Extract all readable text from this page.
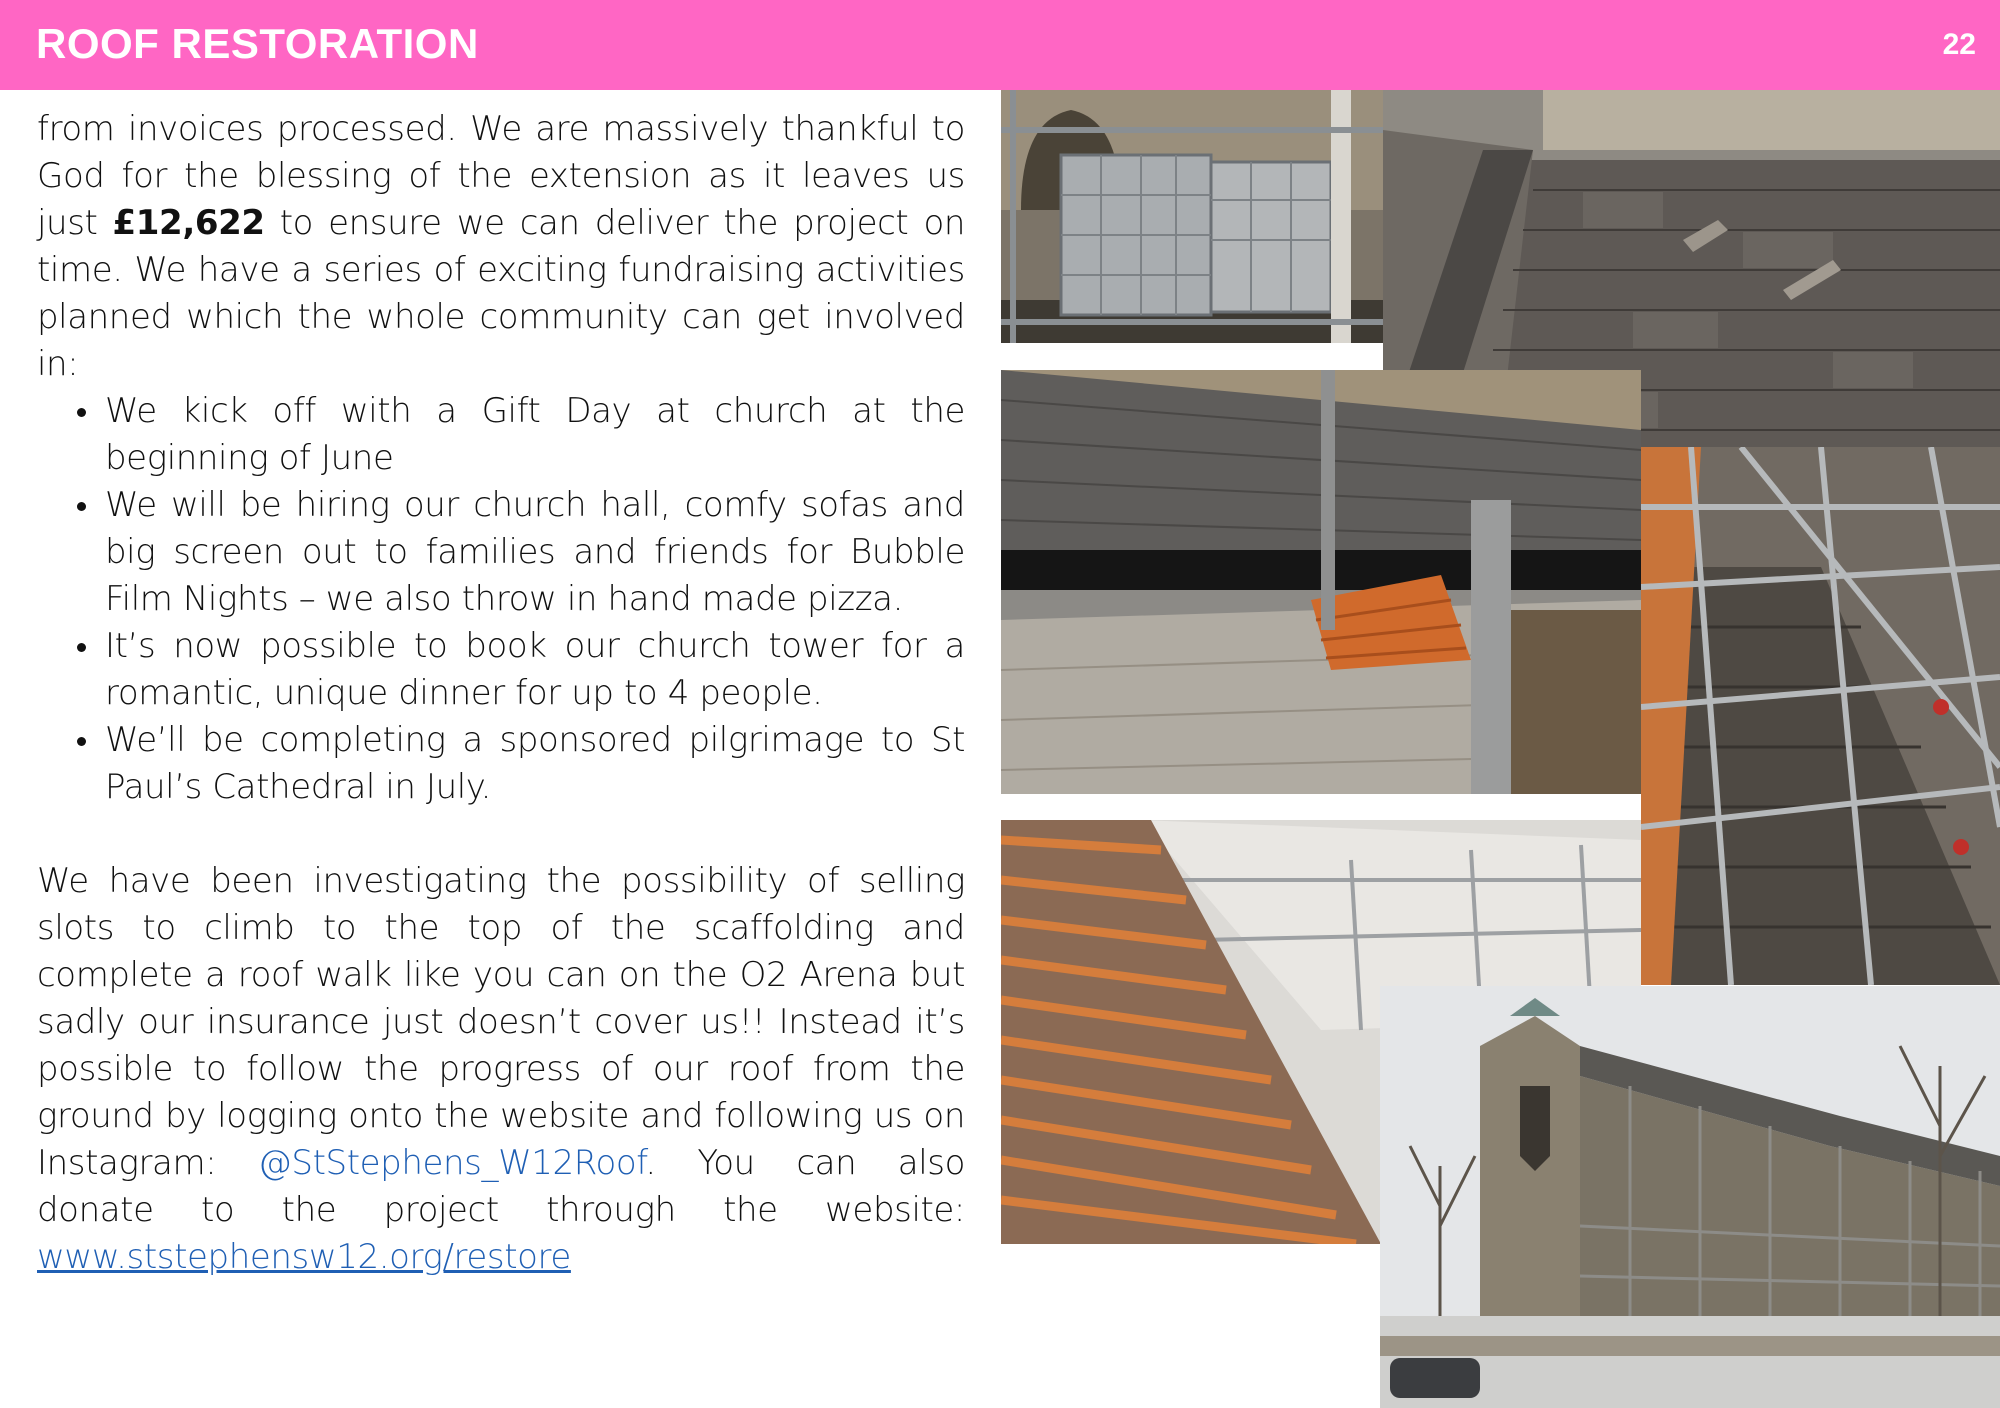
ROOF RESTORATION	22

from invoices processed. We are massively thankful to God for the blessing of the extension as it leaves us just £12,622 to ensure we can deliver the project on time. We have a series of exciting fundraising activities planned which the whole community can get involved in:

We kick off with a Gift Day at church at the beginning of June
We will be hiring our church hall, comfy sofas and big screen out to families and friends for Bubble Film Nights – we also throw in hand made pizza.
It’s now possible to book our church tower for a romantic, unique dinner for up to 4 people.
We’ll be completing a sponsored pilgrimage to St Paul’s Cathedral in July.

We have been investigating the possibility of selling slots to climb to the top of the scaffolding and complete a roof walk like you can on the O2 Arena but sadly our insurance just doesn’t cover us!! Instead it’s possible to follow the progress of our roof from the ground by logging onto the website and following us on Instagram: @StStephens_W12Roof. You can also donate to the project through the website: www.ststephensw12.org/restore
